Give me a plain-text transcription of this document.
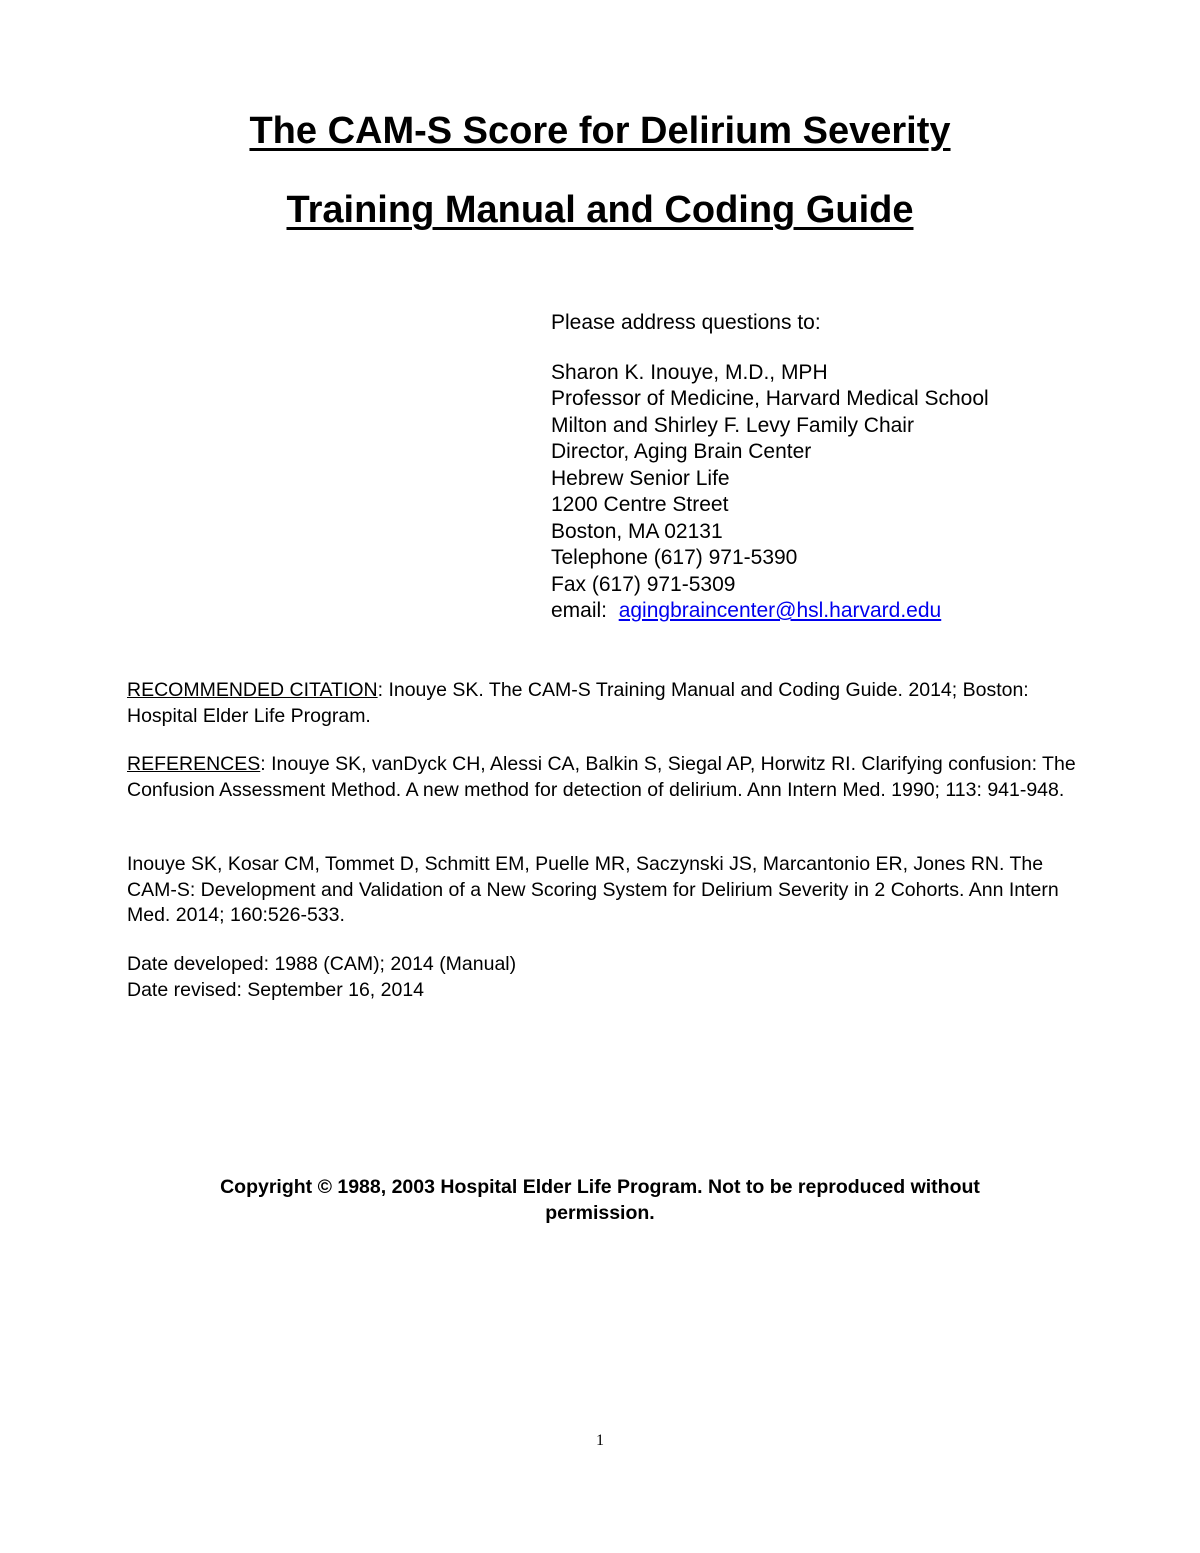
The CAM-S Score for Delirium Severity
Training Manual and Coding Guide
Please address questions to:
Sharon K. Inouye, M.D., MPH
Professor of Medicine, Harvard Medical School
Milton and Shirley F. Levy Family Chair
Director, Aging Brain Center
Hebrew Senior Life
1200 Centre Street
Boston, MA 02131
Telephone (617) 971-5390
Fax (617) 971-5309
email: agingbraincenter@hsl.harvard.edu
RECOMMENDED CITATION: Inouye SK. The CAM-S Training Manual and Coding Guide. 2014; Boston: Hospital Elder Life Program.
REFERENCES: Inouye SK, vanDyck CH, Alessi CA, Balkin S, Siegal AP, Horwitz RI. Clarifying confusion: The Confusion Assessment Method. A new method for detection of delirium. Ann Intern Med. 1990; 113: 941-948.
Inouye SK, Kosar CM, Tommet D, Schmitt EM, Puelle MR, Saczynski JS, Marcantonio ER, Jones RN. The CAM-S: Development and Validation of a New Scoring System for Delirium Severity in 2 Cohorts. Ann Intern Med. 2014; 160:526-533.
Date developed: 1988 (CAM); 2014 (Manual)
Date revised: September 16, 2014
Copyright © 1988, 2003 Hospital Elder Life Program. Not to be reproduced without
permission.
1
